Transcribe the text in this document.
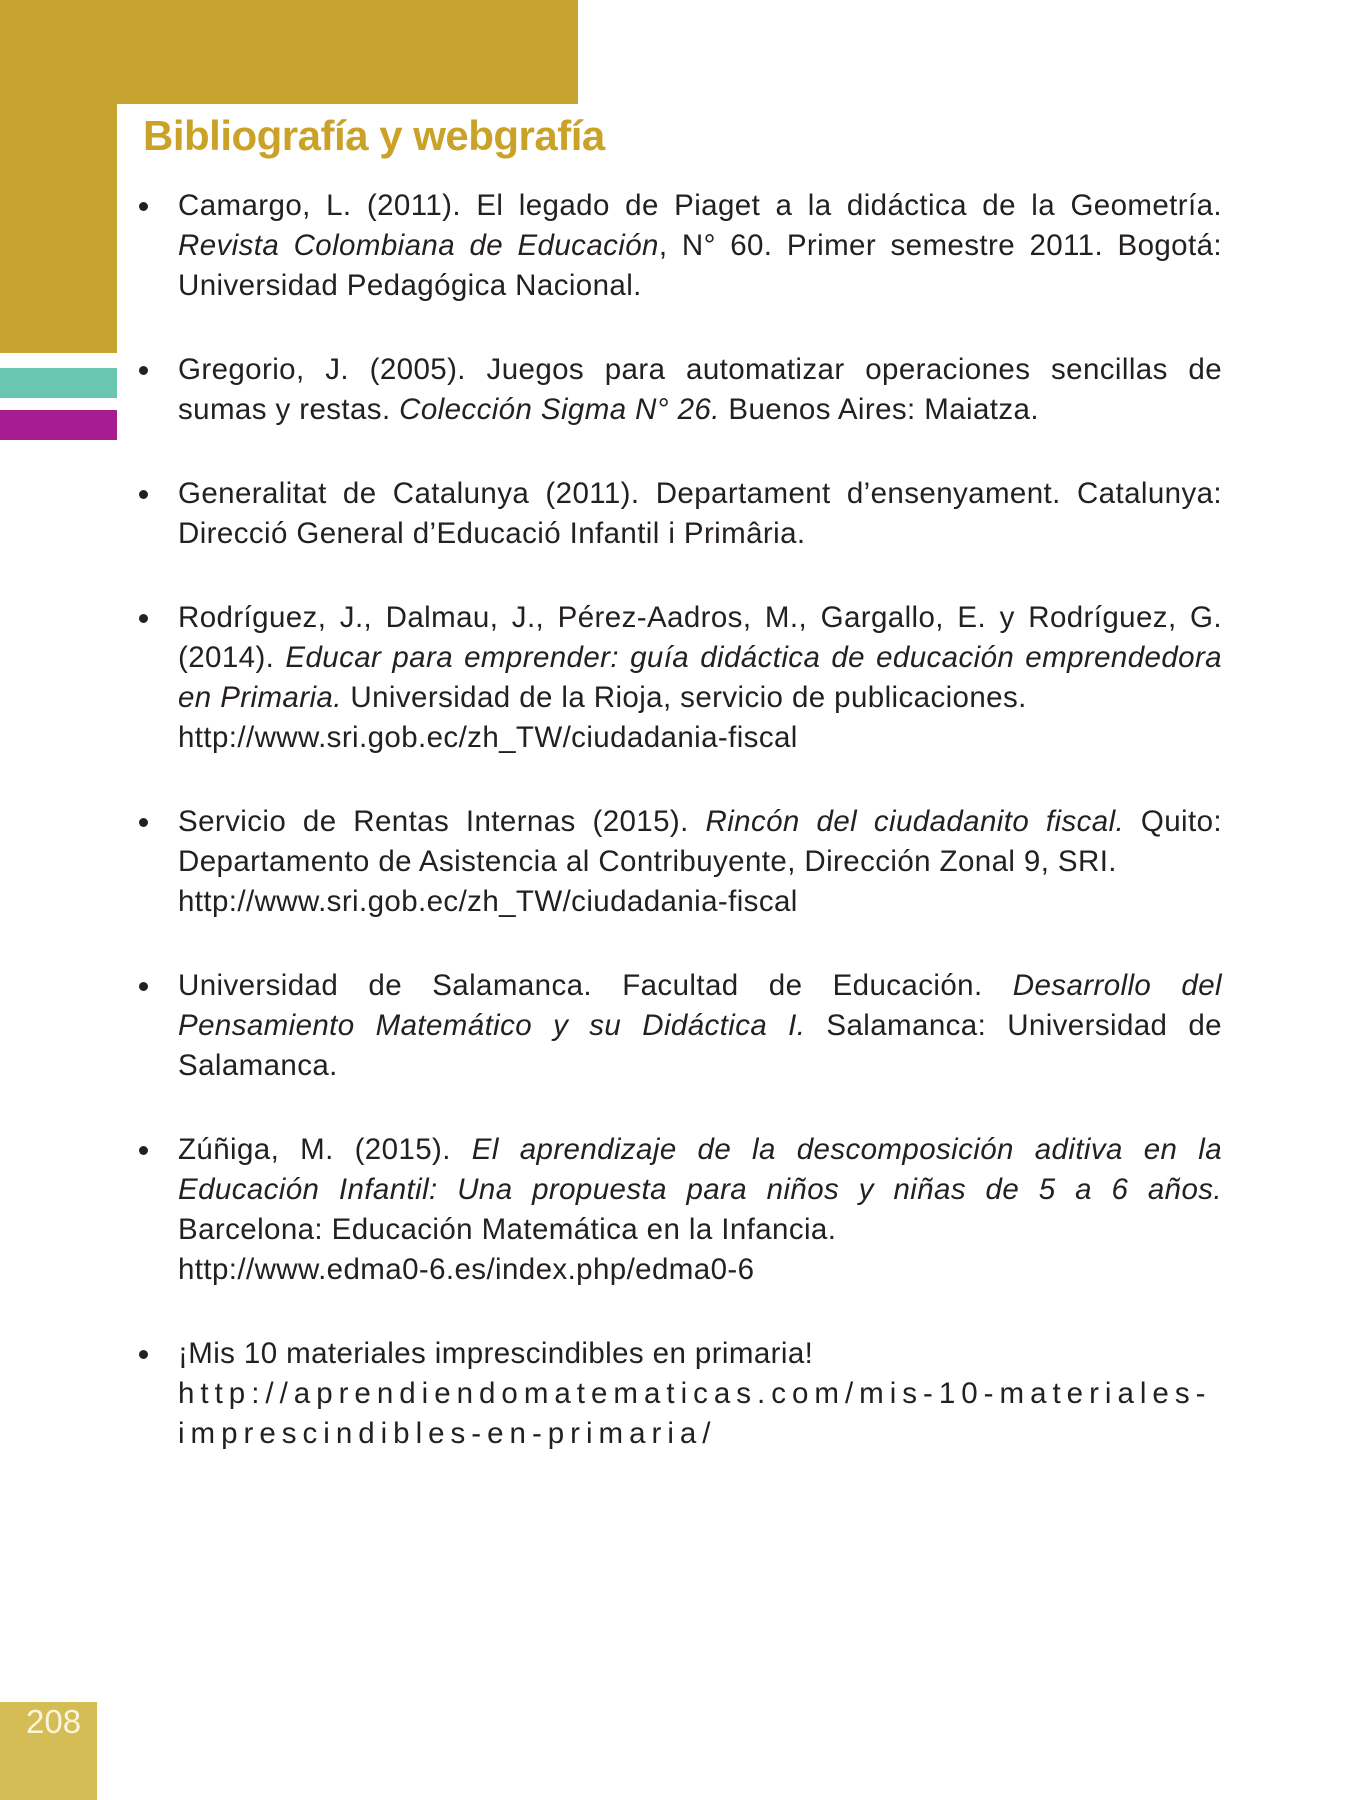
Bibliografía y webgrafía
Camargo, L. (2011). El legado de Piaget a la didáctica de la Geometría. Revista Colombiana de Educación, N° 60. Primer semestre 2011. Bogotá: Universidad Pedagógica Nacional.
Gregorio, J. (2005). Juegos para automatizar operaciones sencillas de sumas y restas. Colección Sigma N° 26. Buenos Aires: Maiatza.
Generalitat de Catalunya (2011). Departament d’ensenyament. Catalunya: Direcció General d’Educació Infantil i Primâria.
Rodríguez, J., Dalmau, J., Pérez-Aadros, M., Gargallo, E. y Rodríguez, G. (2014). Educar para emprender: guía didáctica de educación emprendedora en Primaria. Universidad de la Rioja, servicio de publicaciones.
http://www.sri.gob.ec/zh_TW/ciudadania-fiscal
Servicio de Rentas Internas (2015). Rincón del ciudadanito fiscal. Quito: Departamento de Asistencia al Contribuyente, Dirección Zonal 9, SRI.
http://www.sri.gob.ec/zh_TW/ciudadania-fiscal
Universidad de Salamanca. Facultad de Educación. Desarrollo del Pensamiento Matemático y su Didáctica I. Salamanca: Universidad de Salamanca.
Zúñiga, M. (2015). El aprendizaje de la descomposición aditiva en la Educación Infantil: Una propuesta para niños y niñas de 5 a 6 años. Barcelona: Educación Matemática en la Infancia.
http://www.edma0-6.es/index.php/edma0-6
¡Mis 10 materiales imprescindibles en primaria!
http://aprendiendomatematicas.com/mis-10-materiales-imprescindibles-en-primaria/
208
